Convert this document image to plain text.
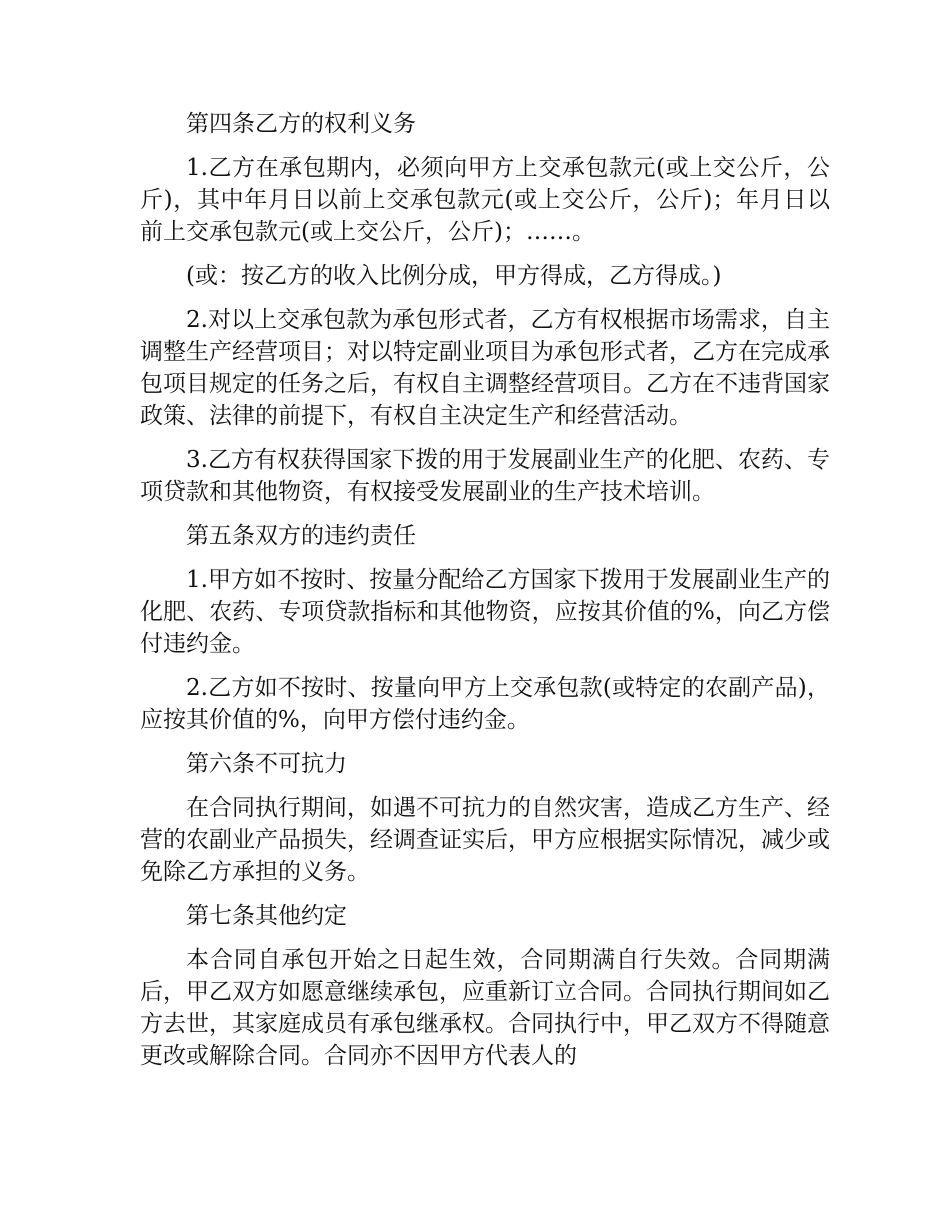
第四条乙方的权利义务

1.乙方在承包期内，必须向甲方上交承包款元(或上交公斤，公斤)，其中年月日以前上交承包款元(或上交公斤，公斤)；年月日以前上交承包款元(或上交公斤，公斤)；……。

(或：按乙方的收入比例分成，甲方得成，乙方得成。)

2.对以上交承包款为承包形式者，乙方有权根据市场需求，自主调整生产经营项目；对以特定副业项目为承包形式者，乙方在完成承包项目规定的任务之后，有权自主调整经营项目。乙方在不违背国家政策、法律的前提下，有权自主决定生产和经营活动。

3.乙方有权获得国家下拨的用于发展副业生产的化肥、农药、专项贷款和其他物资，有权接受发展副业的生产技术培训。

第五条双方的违约责任

1.甲方如不按时、按量分配给乙方国家下拨用于发展副业生产的化肥、农药、专项贷款指标和其他物资，应按其价值的%，向乙方偿付违约金。

2.乙方如不按时、按量向甲方上交承包款(或特定的农副产品)，应按其价值的%，向甲方偿付违约金。

第六条不可抗力

在合同执行期间，如遇不可抗力的自然灾害，造成乙方生产、经营的农副业产品损失，经调查证实后，甲方应根据实际情况，减少或免除乙方承担的义务。

第七条其他约定

本合同自承包开始之日起生效，合同期满自行失效。合同期满后，甲乙双方如愿意继续承包，应重新订立合同。合同执行期间如乙方去世，其家庭成员有承包继承权。合同执行中，甲乙双方不得随意更改或解除合同。合同亦不因甲方代表人的
